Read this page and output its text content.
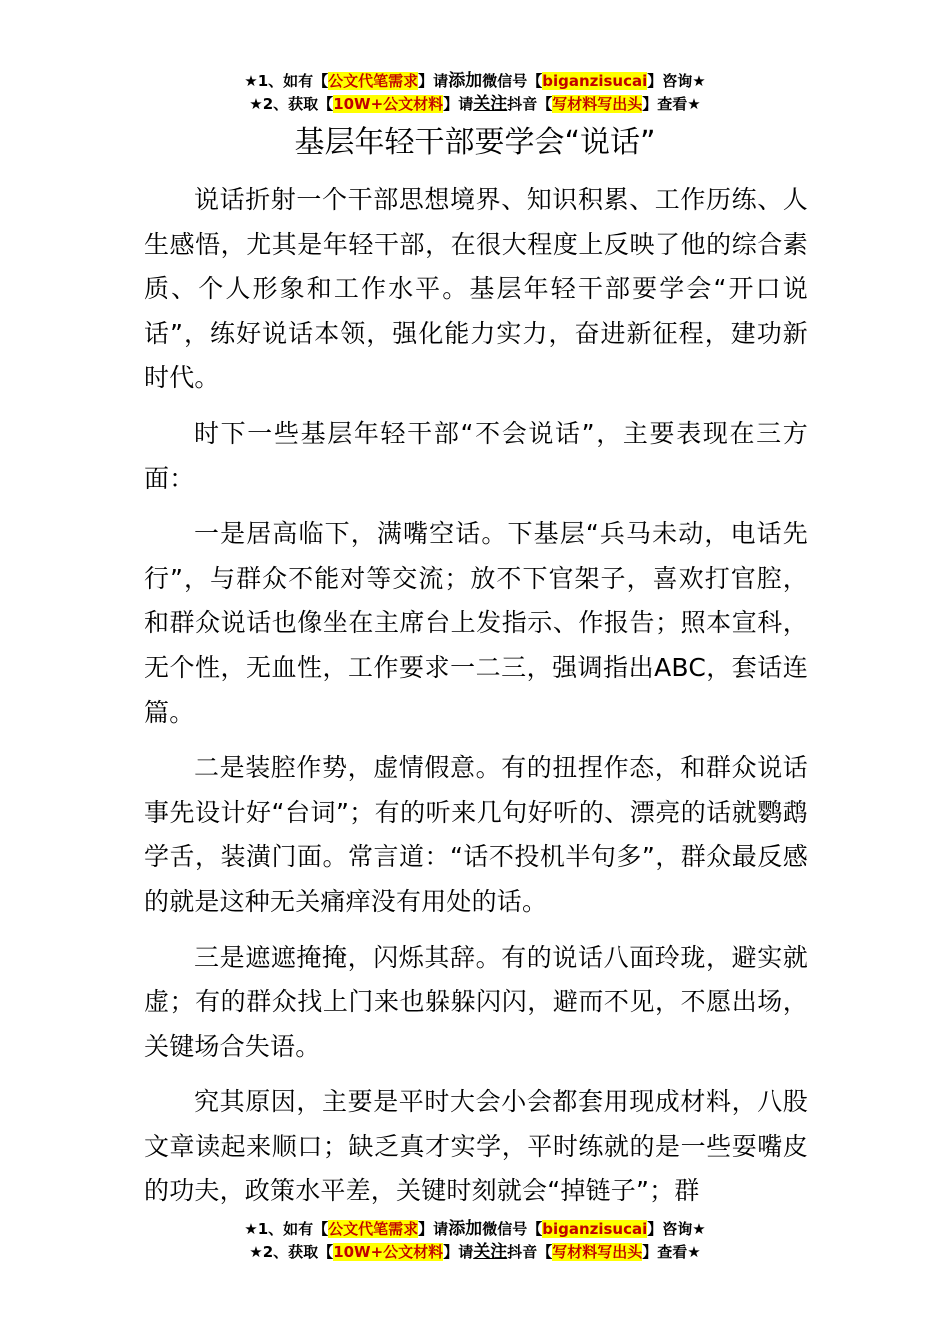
★1、如有【公文代笔需求】请添加微信号【biganzisucai】咨询★
★2、获取【10W+公文材料】请关注抖音【写材料写出头】查看★
基层年轻干部要学会“说话”

说话折射一个干部思想境界、知识积累、工作历练、人生感悟，尤其是年轻干部，在很大程度上反映了他的综合素质、个人形象和工作水平。基层年轻干部要学会“开口说话”，练好说话本领，强化能力实力，奋进新征程，建功新时代。

时下一些基层年轻干部“不会说话”，主要表现在三方面：

一是居高临下，满嘴空话。下基层“兵马未动，电话先行”，与群众不能对等交流；放不下官架子，喜欢打官腔，和群众说话也像坐在主席台上发指示、作报告；照本宣科，无个性，无血性，工作要求一二三，强调指出ABC，套话连篇。

二是装腔作势，虚情假意。有的扭捏作态，和群众说话事先设计好“台词”；有的听来几句好听的、漂亮的话就鹦鹉学舌，装潢门面。常言道：“话不投机半句多”，群众最反感的就是这种无关痛痒没有用处的话。

三是遮遮掩掩，闪烁其辞。有的说话八面玲珑，避实就虚；有的群众找上门来也躲躲闪闪，避而不见，不愿出场，关键场合失语。

究其原因，主要是平时大会小会都套用现成材料，八股文章读起来顺口；缺乏真才实学，平时练就的是一些耍嘴皮的功夫，政策水平差，关键时刻就会“掉链子”；群

★1、如有【公文代笔需求】请添加微信号【biganzisucai】咨询★
★2、获取【10W+公文材料】请关注抖音【写材料写出头】查看★
